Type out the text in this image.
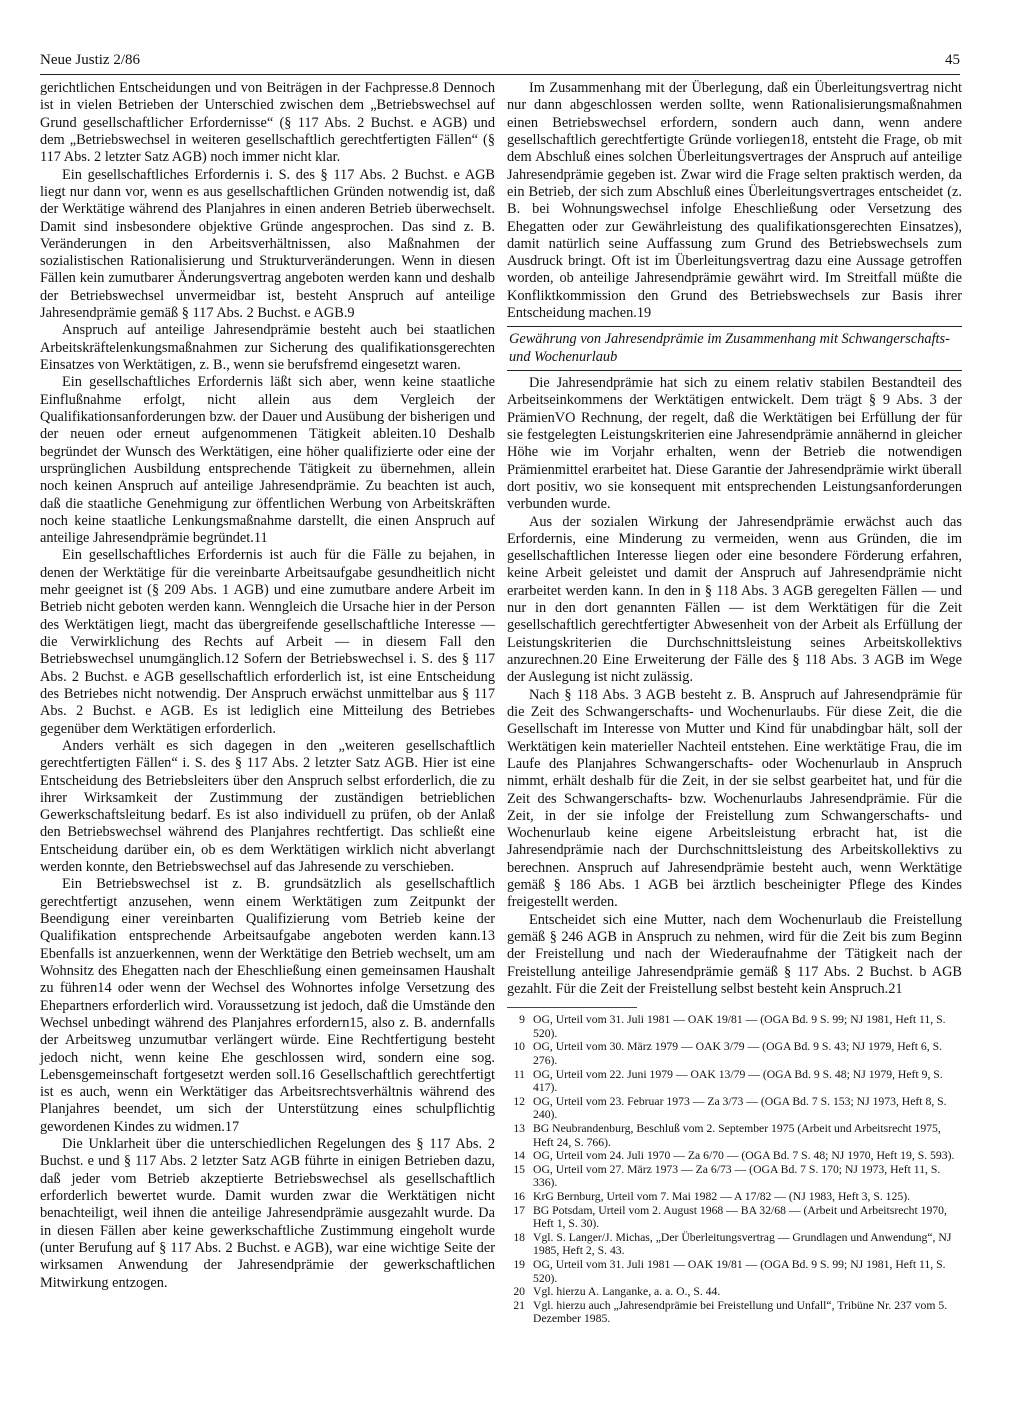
Neue Justiz 2/86	45

gerichtlichen Entscheidungen und von Beiträgen in der Fachpresse.8 Dennoch ist in vielen Betrieben der Unterschied zwischen dem „Betriebswechsel auf Grund gesellschaftlicher Erfordernisse“ (§ 117 Abs. 2 Buchst. e AGB) und dem „Betriebswechsel in weiteren gesellschaftlich gerechtfertigten Fällen“ (§ 117 Abs. 2 letzter Satz AGB) noch immer nicht klar.

Ein gesellschaftliches Erfordernis i. S. des § 117 Abs. 2 Buchst. e AGB liegt nur dann vor, wenn es aus gesellschaftlichen Gründen notwendig ist, daß der Werktätige während des Planjahres in einen anderen Betrieb überwechselt. Damit sind insbesondere objektive Gründe angesprochen. Das sind z. B. Veränderungen in den Arbeitsverhältnissen, also Maßnahmen der sozialistischen Rationalisierung und Strukturveränderungen. Wenn in diesen Fällen kein zumutbarer Änderungsvertrag angeboten werden kann und deshalb der Betriebswechsel unvermeidbar ist, besteht Anspruch auf anteilige Jahresendprämie gemäß § 117 Abs. 2 Buchst. e AGB.9

Anspruch auf anteilige Jahresendprämie besteht auch bei staatlichen Arbeitskräftelenkungsmaßnahmen zur Sicherung des qualifikationsgerechten Einsatzes von Werktätigen, z. B., wenn sie berufsfremd eingesetzt waren.

Ein gesellschaftliches Erfordernis läßt sich aber, wenn keine staatliche Einflußnahme erfolgt, nicht allein aus dem Vergleich der Qualifikationsanforderungen bzw. der Dauer und Ausübung der bisherigen und der neuen oder erneut aufgenommenen Tätigkeit ableiten.10 Deshalb begründet der Wunsch des Werktätigen, eine höher qualifizierte oder eine der ursprünglichen Ausbildung entsprechende Tätigkeit zu übernehmen, allein noch keinen Anspruch auf anteilige Jahresendprämie. Zu beachten ist auch, daß die staatliche Genehmigung zur öffentlichen Werbung von Arbeitskräften noch keine staatliche Lenkungsmaßnahme darstellt, die einen Anspruch auf anteilige Jahresendprämie begründet.11

Ein gesellschaftliches Erfordernis ist auch für die Fälle zu bejahen, in denen der Werktätige für die vereinbarte Arbeitsaufgabe gesundheitlich nicht mehr geeignet ist (§ 209 Abs. 1 AGB) und eine zumutbare andere Arbeit im Betrieb nicht geboten werden kann. Wenngleich die Ursache hier in der Person des Werktätigen liegt, macht das übergreifende gesellschaftliche Interesse — die Verwirklichung des Rechts auf Arbeit — in diesem Fall den Betriebswechsel unumgänglich.12 Sofern der Betriebswechsel i. S. des § 117 Abs. 2 Buchst. e AGB gesellschaftlich erforderlich ist, ist eine Entscheidung des Betriebes nicht notwendig. Der Anspruch erwächst unmittelbar aus § 117 Abs. 2 Buchst. e AGB. Es ist lediglich eine Mitteilung des Betriebes gegenüber dem Werktätigen erforderlich.

Anders verhält es sich dagegen in den „weiteren gesellschaftlich gerechtfertigten Fällen“ i. S. des § 117 Abs. 2 letzter Satz AGB. Hier ist eine Entscheidung des Betriebsleiters über den Anspruch selbst erforderlich, die zu ihrer Wirksamkeit der Zustimmung der zuständigen betrieblichen Gewerkschaftsleitung bedarf. Es ist also individuell zu prüfen, ob der Anlaß den Betriebswechsel während des Planjahres rechtfertigt. Das schließt eine Entscheidung darüber ein, ob es dem Werktätigen wirklich nicht abverlangt werden konnte, den Betriebswechsel auf das Jahresende zu verschieben.

Ein Betriebswechsel ist z. B. grundsätzlich als gesellschaftlich gerechtfertigt anzusehen, wenn einem Werktätigen zum Zeitpunkt der Beendigung einer vereinbarten Qualifizierung vom Betrieb keine der Qualifikation entsprechende Arbeitsaufgabe angeboten werden kann.13 Ebenfalls ist anzuerkennen, wenn der Werktätige den Betrieb wechselt, um am Wohnsitz des Ehegatten nach der Eheschließung einen gemeinsamen Haushalt zu führen14 oder wenn der Wechsel des Wohnortes infolge Versetzung des Ehepartners erforderlich wird. Voraussetzung ist jedoch, daß die Umstände den Wechsel unbedingt während des Planjahres erfordern15, also z. B. andernfalls der Arbeitsweg unzumutbar verlängert würde. Eine Rechtfertigung besteht jedoch nicht, wenn keine Ehe geschlossen wird, sondern eine sog. Lebensgemeinschaft fortgesetzt werden soll.16 Gesellschaftlich gerechtfertigt ist es auch, wenn ein Werktätiger das Arbeitsrechtsverhältnis während des Planjahres beendet, um sich der Unterstützung eines schulpflichtig gewordenen Kindes zu widmen.17

Die Unklarheit über die unterschiedlichen Regelungen des § 117 Abs. 2 Buchst. e und § 117 Abs. 2 letzter Satz AGB führte in einigen Betrieben dazu, daß jeder vom Betrieb akzeptierte Betriebswechsel als gesellschaftlich erforderlich bewertet wurde. Damit wurden zwar die Werktätigen nicht benachteiligt, weil ihnen die anteilige Jahresendprämie ausgezahlt wurde. Da in diesen Fällen aber keine gewerkschaftliche Zustimmung eingeholt wurde (unter Berufung auf § 117 Abs. 2 Buchst. e AGB), war eine wichtige Seite der wirksamen Anwendung der Jahresendprämie der gewerkschaftlichen Mitwirkung entzogen.

Im Zusammenhang mit der Überlegung, daß ein Überleitungsvertrag nicht nur dann abgeschlossen werden sollte, wenn Rationalisierungsmaßnahmen einen Betriebswechsel erfordern, sondern auch dann, wenn andere gesellschaftlich gerechtfertigte Gründe vorliegen18, entsteht die Frage, ob mit dem Abschluß eines solchen Überleitungsvertrages der Anspruch auf anteilige Jahresendprämie gegeben ist. Zwar wird die Frage selten praktisch werden, da ein Betrieb, der sich zum Abschluß eines Überleitungsvertrages entscheidet (z. B. bei Wohnungswechsel infolge Eheschließung oder Versetzung des Ehegatten oder zur Gewährleistung des qualifikationsgerechten Einsatzes), damit natürlich seine Auffassung zum Grund des Betriebswechsels zum Ausdruck bringt. Oft ist im Überleitungsvertrag dazu eine Aussage getroffen worden, ob anteilige Jahresendprämie gewährt wird. Im Streitfall müßte die Konfliktkommission den Grund des Betriebswechsels zur Basis ihrer Entscheidung machen.19

Gewährung von Jahresendprämie im Zusammenhang mit Schwangerschafts- und Wochenurlaub

Die Jahresendprämie hat sich zu einem relativ stabilen Bestandteil des Arbeitseinkommens der Werktätigen entwickelt. Dem trägt § 9 Abs. 3 der PrämienVO Rechnung, der regelt, daß die Werktätigen bei Erfüllung der für sie festgelegten Leistungskriterien eine Jahresendprämie annähernd in gleicher Höhe wie im Vorjahr erhalten, wenn der Betrieb die notwendigen Prämienmittel erarbeitet hat. Diese Garantie der Jahresendprämie wirkt überall dort positiv, wo sie konsequent mit entsprechenden Leistungsanforderungen verbunden wurde.

Aus der sozialen Wirkung der Jahresendprämie erwächst auch das Erfordernis, eine Minderung zu vermeiden, wenn aus Gründen, die im gesellschaftlichen Interesse liegen oder eine besondere Förderung erfahren, keine Arbeit geleistet und damit der Anspruch auf Jahresendprämie nicht erarbeitet werden kann. In den in § 118 Abs. 3 AGB geregelten Fällen — und nur in den dort genannten Fällen — ist dem Werktätigen für die Zeit gesellschaftlich gerechtfertigter Abwesenheit von der Arbeit als Erfüllung der Leistungskriterien die Durchschnittsleistung seines Arbeitskollektivs anzurechnen.20 Eine Erweiterung der Fälle des § 118 Abs. 3 AGB im Wege der Auslegung ist nicht zulässig.

Nach § 118 Abs. 3 AGB besteht z. B. Anspruch auf Jahresendprämie für die Zeit des Schwangerschafts- und Wochenurlaubs. Für diese Zeit, die die Gesellschaft im Interesse von Mutter und Kind für unabdingbar hält, soll der Werktätigen kein materieller Nachteil entstehen. Eine werktätige Frau, die im Laufe des Planjahres Schwangerschafts- oder Wochenurlaub in Anspruch nimmt, erhält deshalb für die Zeit, in der sie selbst gearbeitet hat, und für die Zeit des Schwangerschafts- bzw. Wochenurlaubs Jahresendprämie. Für die Zeit, in der sie infolge der Freistellung zum Schwangerschafts- und Wochenurlaub keine eigene Arbeitsleistung erbracht hat, ist die Jahresendprämie nach der Durchschnittsleistung des Arbeitskollektivs zu berechnen. Anspruch auf Jahresendprämie besteht auch, wenn Werktätige gemäß § 186 Abs. 1 AGB bei ärztlich bescheinigter Pflege des Kindes freigestellt werden.

Entscheidet sich eine Mutter, nach dem Wochenurlaub die Freistellung gemäß § 246 AGB in Anspruch zu nehmen, wird für die Zeit bis zum Beginn der Freistellung und nach der Wiederaufnahme der Tätigkeit nach der Freistellung anteilige Jahresendprämie gemäß § 117 Abs. 2 Buchst. b AGB gezahlt. Für die Zeit der Freistellung selbst besteht kein Anspruch.21

9 OG, Urteil vom 31. Juli 1981 — OAK 19/81 — (OGA Bd. 9 S. 99; NJ 1981, Heft 11, S. 520).
10 OG, Urteil vom 30. März 1979 — OAK 3/79 — (OGA Bd. 9 S. 43; NJ 1979, Heft 6, S. 276).
11 OG, Urteil vom 22. Juni 1979 — OAK 13/79 — (OGA Bd. 9 S. 48; NJ 1979, Heft 9, S. 417).
12 OG, Urteil vom 23. Februar 1973 — Za 3/73 — (OGA Bd. 7 S. 153; NJ 1973, Heft 8, S. 240).
13 BG Neubrandenburg, Beschluß vom 2. September 1975 (Arbeit und Arbeitsrecht 1975, Heft 24, S. 766).
14 OG, Urteil vom 24. Juli 1970 — Za 6/70 — (OGA Bd. 7 S. 48; NJ 1970, Heft 19, S. 593).
15 OG, Urteil vom 27. März 1973 — Za 6/73 — (OGA Bd. 7 S. 170; NJ 1973, Heft 11, S. 336).
16 KrG Bernburg, Urteil vom 7. Mai 1982 — A 17/82 — (NJ 1983, Heft 3, S. 125).
17 BG Potsdam, Urteil vom 2. August 1968 — BA 32/68 — (Arbeit und Arbeitsrecht 1970, Heft 1, S. 30).
18 Vgl. S. Langer/J. Michas, „Der Überleitungsvertrag — Grundlagen und Anwendung“, NJ 1985, Heft 2, S. 43.
19 OG, Urteil vom 31. Juli 1981 — OAK 19/81 — (OGA Bd. 9 S. 99; NJ 1981, Heft 11, S. 520).
20 Vgl. hierzu A. Langanke, a. a. O., S. 44.
21 Vgl. hierzu auch „Jahresendprämie bei Freistellung und Unfall“, Tribüne Nr. 237 vom 5. Dezember 1985.
